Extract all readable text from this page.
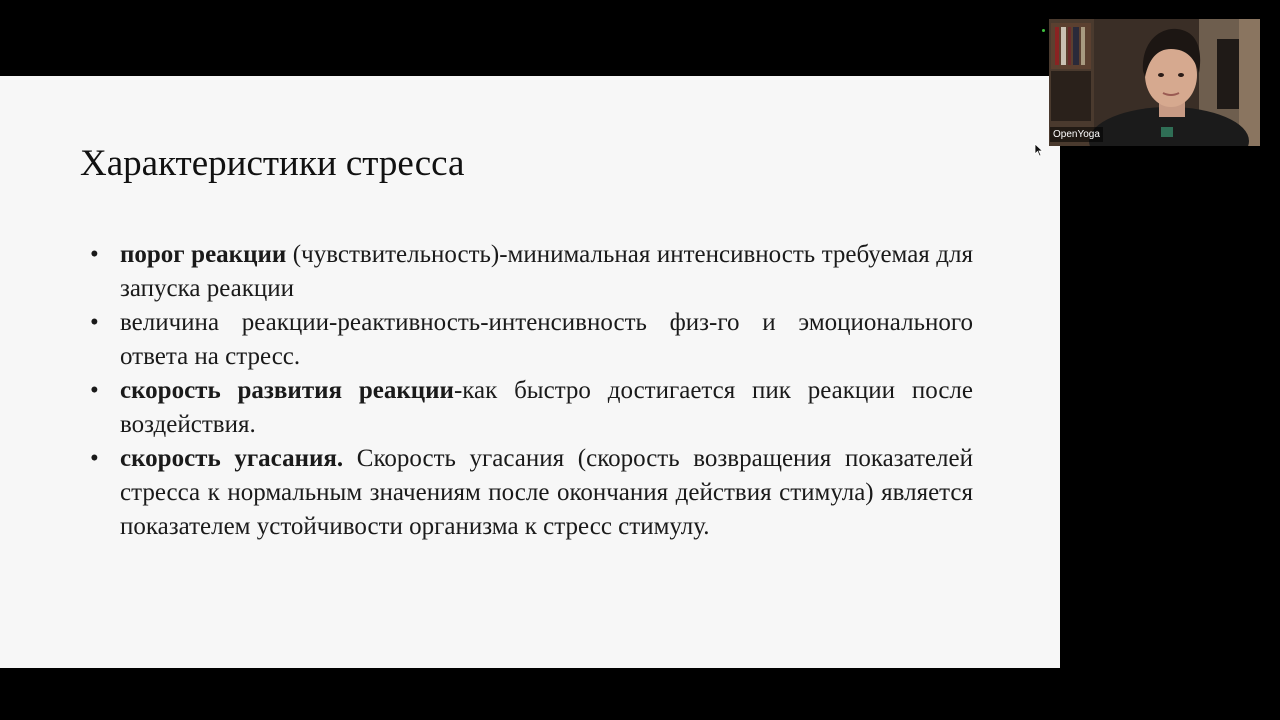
Характеристики стресса
• порог реакции (чувствительность)-минимальная интенсивность требуемая для запуска реакции
• величина реакции-реактивность-интенсивность физ-го и эмоционального ответа на стресс.
• скорость развития реакции-как быстро достигается пик реакции после воздействия.
• скорость угасания. Скорость угасания (скорость возвращения показателей стресса к нормальным значениям после окончания действия стимула) является показателем устойчивости организма к стресс стимулу.
OpenYoga
